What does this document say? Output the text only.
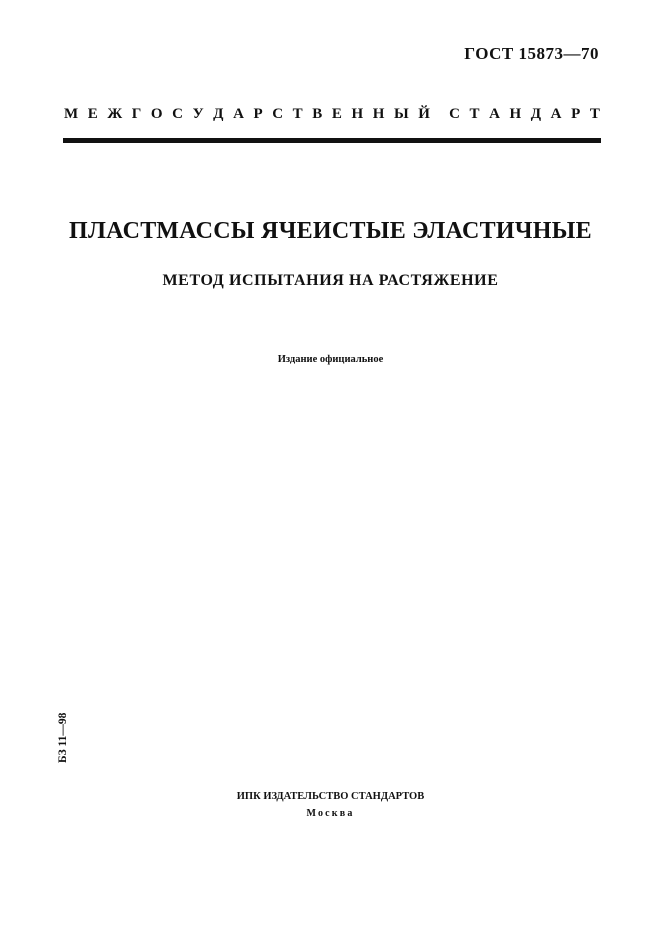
ГОСТ 15873—70
М Е Ж Г О С У Д А Р С Т В Е Н Н Ы Й С Т А Н Д А Р Т
ПЛАСТМАССЫ ЯЧЕИСТЫЕ ЭЛАСТИЧНЫЕ
МЕТОД ИСПЫТАНИЯ НА РАСТЯЖЕНИЕ
Издание официальное
БЗ 11—98
ИПК ИЗДАТЕЛЬСТВО СТАНДАРТОВ
Москва
